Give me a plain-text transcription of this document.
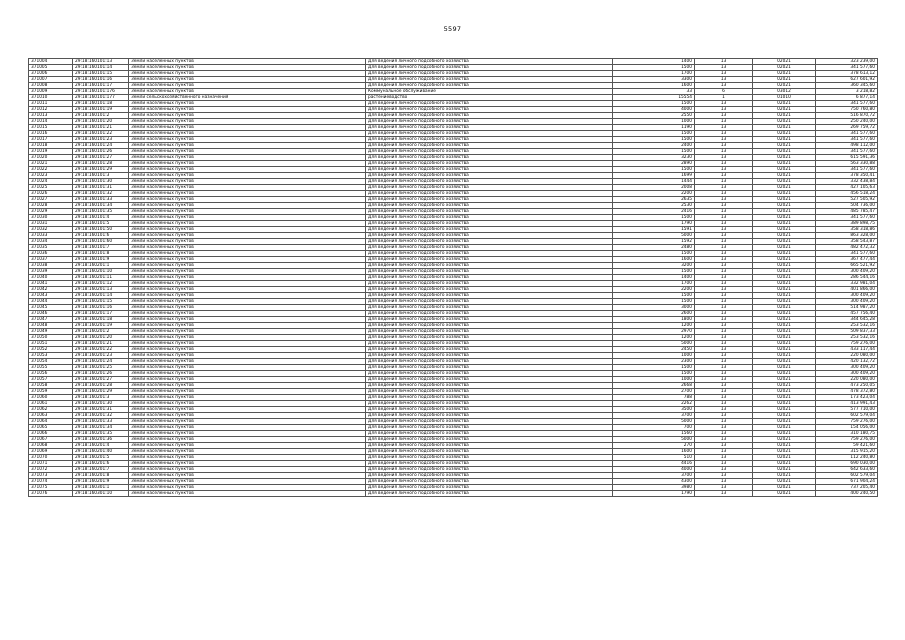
5597
371004	29:18:160101:13	Земли населенных пунктов	Для ведения личного подсобного хозяйства	1400	13	02021	323 239,00
371005	29:18:160101:14	Земли населенных пунктов	Для ведения личного подсобного хозяйства	1500	13	02021	341 577,60
371006	29:18:160101:15	Земли населенных пунктов	Для ведения личного подсобного хозяйства	1700	13	02021	378 613,12
371007	29:18:160101:16	Земли населенных пунктов	Для ведения личного подсобного хозяйства	3300	13	02021	627 601,92
371008	29:18:160101:17	Земли населенных пунктов	Для ведения личного подсобного хозяйства	1600	13	02021	360 345,60
371009	29:18:160101:176	Земли населенных пунктов	Коммунальное обслуживание	33	6	03012	3 218,82
371010	29:18:160101:177	Земли сельскохозяйственного назначения	растениеводство	15554	1	01010	6 877,14
371011	29:18:160101:18	Земли населенных пунктов	Для ведения личного подсобного хозяйства	1500	13	02021	341 577,60
371012	29:18:160101:19	Земли населенных пунктов	Для ведения личного подсобного хозяйства	4000	13	02021	750 760,80
371013	29:18:160101:2	Земли населенных пунктов	Для ведения личного подсобного хозяйства	2550	13	02021	516 870,72
371014	29:18:160101:20	Земли населенных пунктов	Для ведения личного подсобного хозяйства	1000	13	02021	250 240,00
371015	29:18:160101:21	Земли населенных пунктов	Для ведения личного подсобного хозяйства	1190	13	02021	269 759,72
371016	29:18:160101:22	Земли населенных пунктов	Для ведения личного подсобного хозяйства	1500	13	02021	341 577,60
371017	29:18:160101:23	Земли населенных пунктов	Для ведения личного подсобного хозяйства	1500	13	02021	341 577,60
371018	29:18:160101:24	Земли населенных пунктов	Для ведения личного подсобного хозяйства	2400	13	02021	498 112,00
371019	29:18:160101:26	Земли населенных пунктов	Для ведения личного подсобного хозяйства	1500	13	02021	341 577,60
371020	29:18:160101:27	Земли населенных пунктов	Для ведения личного подсобного хозяйства	3230	13	02021	615 591,36
371021	29:18:160101:28	Земли населенных пунктов	Для ведения личного подсобного хозяйства	2890	13	02021	563 330,88
371022	29:18:160101:29	Земли населенных пунктов	Для ведения личного подсобного хозяйства	1500	13	02021	341 577,60
371023	29:18:160101:3	Земли населенных пунктов	Для ведения личного подсобного хозяйства	1699	13	02021	378 350,41
371024	29:18:160101:30	Земли населенных пунктов	Для ведения личного подсобного хозяйства	1444	13	02021	332 438,84
371025	29:18:160101:31	Земли населенных пунктов	Для ведения личного подсобного хозяйства	2008	13	02021	427 105,63
371026	29:18:160101:32	Земли населенных пунктов	Для ведения личного подсобного хозяйства	2200	13	02021	456 518,24
371027	29:18:160101:33	Земли населенных пунктов	Для ведения личного подсобного хозяйства	2635	13	02021	527 505,92
371028	29:18:160101:34	Земли населенных пунктов	Для ведения личного подсобного хозяйства	2530	13	02021	504 736,00
371029	29:18:160101:35	Земли населенных пунктов	Для ведения личного подсобного хозяйства	2416	13	02021	485 785,47
371030	29:18:160101:4	Земли населенных пунктов	Для ведения личного подсобного хозяйства	1500	13	02021	341 577,60
371031	29:18:160101:5	Земли населенных пунктов	Для ведения личного подсобного хозяйства	1790	13	02021	389 898,75
371032	29:18:160101:50	Земли населенных пунктов	Для ведения личного подсобного хозяйства	1591	13	02021	358 318,86
371033	29:18:160101:6	Земли населенных пунктов	Для ведения личного подсобного хозяйства	5000	13	02021	863 328,00
371034	29:18:160101:60	Земли населенных пунктов	Для ведения личного подсобного хозяйства	1592	13	02021	358 543,87
371035	29:18:160101:7	Земли населенных пунктов	Для ведения личного подсобного хозяйства	2480	13	02021	482 472,32
371036	29:18:160101:8	Земли населенных пунктов	Для ведения личного подсобного хозяйства	1500	13	02021	341 577,60
371037	29:18:160101:9	Земли населенных пунктов	Для ведения личного подсобного хозяйства	1600	13	02021	367 477,44
371038	29:18:160201:1	Земли населенных пунктов	Для ведения личного подсобного хозяйства	3200	13	02021	665 521,92
371039	29:18:160201:10	Земли населенных пунктов	Для ведения личного подсобного хозяйства	1500	13	02021	300 409,20
371040	29:18:160201:11	Земли населенных пунктов	Для ведения личного подсобного хозяйства	1400	13	02021	286 544,16
371041	29:18:160201:12	Земли населенных пунктов	Для ведения личного подсобного хозяйства	1700	13	02021	332 981,04
371042	29:18:160201:13	Земли населенных пунктов	Для ведения личного подсобного хозяйства	2200	13	02021	401 866,00
371043	29:18:160201:14	Земли населенных пунктов	Для ведения личного подсобного хозяйства	1500	13	02021	300 409,20
371044	29:18:160201:15	Земли населенных пунктов	Для ведения личного подсобного хозяйства	1500	13	02021	300 409,20
371045	29:18:160201:16	Земли населенных пунктов	Для ведения личного подсобного хозяйства	3000	13	02021	514 987,20
371046	29:18:160201:17	Земли населенных пунктов	Для ведения личного подсобного хозяйства	2600	13	02021	457 756,40
371047	29:18:160201:18	Земли населенных пунктов	Для ведения личного подсобного хозяйства	1800	13	02021	344 645,28
371048	29:18:160201:19	Земли населенных пунктов	Для ведения личного подсобного хозяйства	1200	13	02021	253 532,16
371049	29:18:160201:2	Земли населенных пунктов	Для ведения личного подсобного хозяйства	2970	13	02021	509 837,33
371050	29:18:160201:20	Земли населенных пунктов	Для ведения личного подсобного хозяйства	1200	13	02021	253 532,16
371051	29:18:160201:21	Земли населенных пунктов	Для ведения личного подсобного хозяйства	5000	13	02021	759 276,00
371052	29:18:160201:22	Земли населенных пунктов	Для ведения личного подсобного хозяйства	2450	13	02021	433 117,44
371053	29:18:160201:23	Земли населенных пунктов	Для ведения личного подсобного хозяйства	1000	13	02021	220 080,00
371054	29:18:160201:24	Земли населенных пунктов	Для ведения личного подсобного хозяйства	2300	13	02021	420 132,72
371055	29:18:160201:25	Земли населенных пунктов	Для ведения личного подсобного хозяйства	1500	13	02021	300 409,20
371056	29:18:160201:26	Земли населенных пунктов	Для ведения личного подсобного хозяйства	1500	13	02021	300 409,20
371057	29:18:160201:27	Земли населенных пунктов	Для ведения личного подсобного хозяйства	1000	13	02021	220 080,00
371058	29:18:160201:28	Земли населенных пунктов	Для ведения личного подсобного хозяйства	2668	13	02021	473 250,05
371059	29:18:160201:29	Земли населенных пунктов	Для ведения личного подсобного хозяйства	2700	13	02021	478 372,80
371060	29:18:160201:3	Земли населенных пунктов	Для ведения личного подсобного хозяйства	788	13	02021	173 423,04
371061	29:18:160201:30	Земли населенных пунктов	Для ведения личного подсобного хозяйства	2262	13	02021	413 991,43
371062	29:18:160201:31	Земли населенных пунктов	Для ведения личного подсобного хозяйства	3500	13	02021	577 710,00
371063	29:18:160201:32	Земли населенных пунктов	Для ведения личного подсобного хозяйства	3700	13	02021	602 579,04
371064	29:18:160201:33	Земли населенных пунктов	Для ведения личного подсобного хозяйства	5000	13	02021	759 276,00
371065	29:18:160201:34	Земли населенных пунктов	Для ведения личного подсобного хозяйства	700	13	02021	154 056,00
371066	29:18:160201:35	Земли населенных пунктов	Для ведения личного подсобного хозяйства	1560	13	02021	310 180,75
371067	29:18:160201:36	Земли населенных пунктов	Для ведения личного подсобного хозяйства	5000	13	02021	759 276,00
371068	29:18:160201:4	Земли населенных пунктов	Для ведения личного подсобного хозяйства	270	13	02021	59 421,60
371069	29:18:160201:40	Земли населенных пунктов	Для ведения личного подсобного хозяйства	1600	13	02021	315 915,20
371070	29:18:160201:5	Земли населенных пунктов	Для ведения личного подсобного хозяйства	510	13	02021	112 240,80
371071	29:18:160201:6	Земли населенных пунктов	Для ведения личного подсобного хозяйства	4416	13	02021	690 030,00
371072	29:18:160201:7	Земли населенных пунктов	Для ведения личного подсобного хозяйства	4000	13	02021	642 633,60
371073	29:18:160201:8	Земли населенных пунктов	Для ведения личного подсобного хозяйства	3700	13	02021	602 579,04
371074	29:18:160201:9	Земли населенных пунктов	Для ведения личного подсобного хозяйства	4300	13	02021	671 904,24
371075	29:18:160301:1	Земли населенных пунктов	Для ведения личного подсобного хозяйства	3980	13	02021	737 205,40
371076	29:18:160301:10	Земли населенных пунктов	Для ведения личного подсобного хозяйства	1790	13	02021	400 240,50
